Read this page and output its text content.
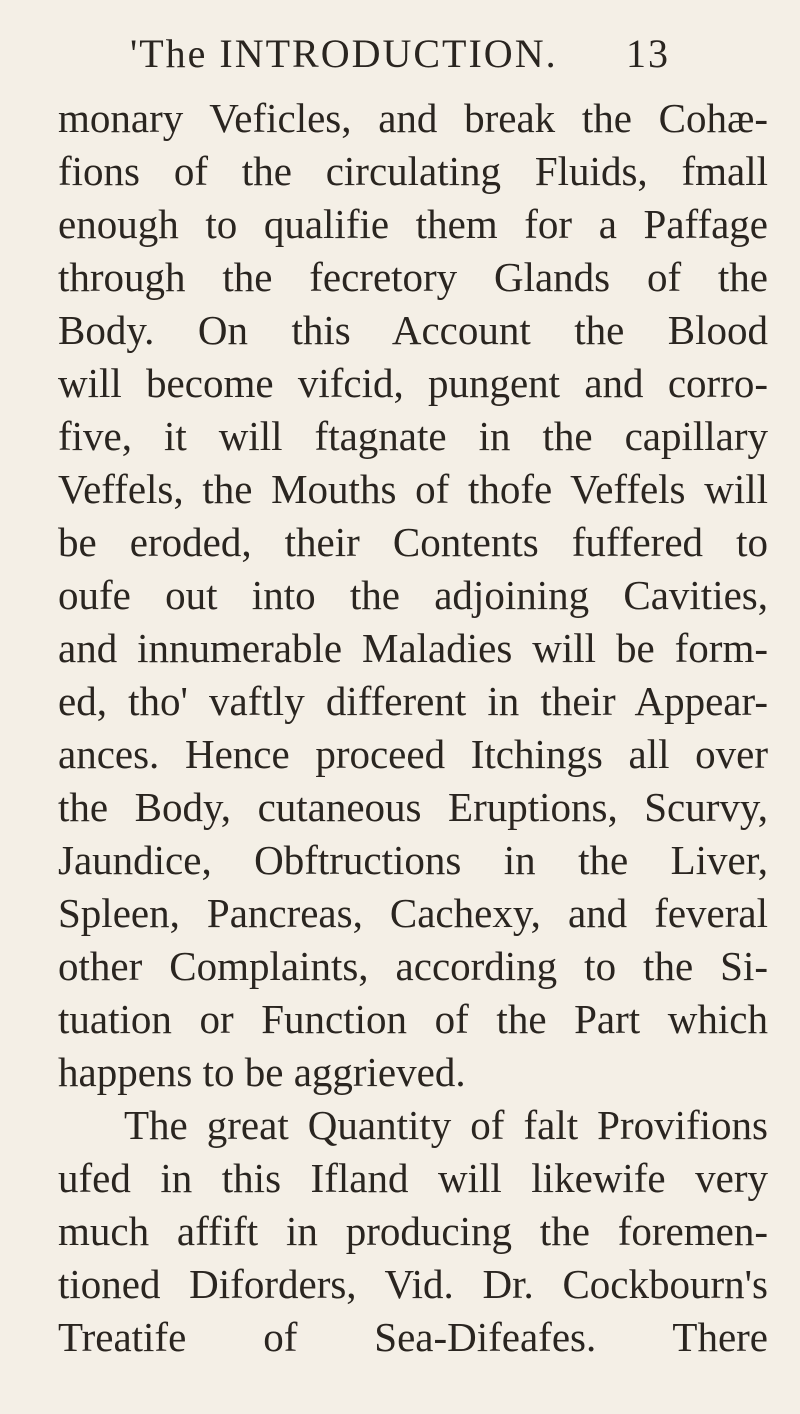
'The INTRODUCTION. 13
monary Veficles, and break the Cohæ-
fions of the circulating Fluids, fmall
enough to qualifie them for a Paffage
through the fecretory Glands of the
Body. On this Account the Blood
will become vifcid, pungent and corro-
five, it will ftagnate in the capillary
Veffels, the Mouths of thofe Veffels will
be eroded, their Contents fuffered to
oufe out into the adjoining Cavities,
and innumerable Maladies will be form-
ed, tho' vaftly different in their Appear-
ances. Hence proceed Itchings all over
the Body, cutaneous Eruptions, Scurvy,
Jaundice, Obftructions in the Liver,
Spleen, Pancreas, Cachexy, and feveral
other Complaints, according to the Si-
tuation or Function of the Part which
happens to be aggrieved.
The great Quantity of falt Provifions
ufed in this Ifland will likewife very
much affift in producing the foremen-
tioned Diforders, Vid. Dr. Cockbourn's
Treatife of Sea-Difeafes. There
